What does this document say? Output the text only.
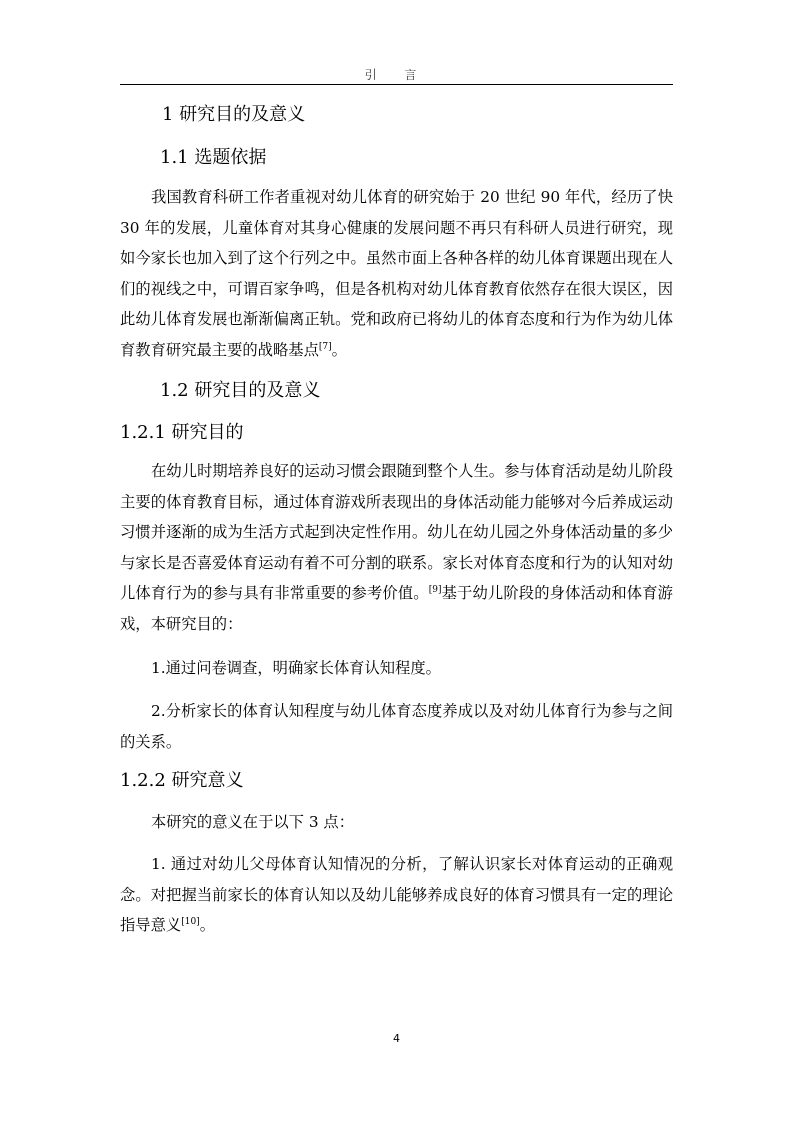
引 言
1 研究目的及意义
1.1 选题依据
我国教育科研工作者重视对幼儿体育的研究始于 20 世纪 90 年代，经历了快 30 年的发展，儿童体育对其身心健康的发展问题不再只有科研人员进行研究，现如今家长也加入到了这个行列之中。虽然市面上各种各样的幼儿体育课题出现在人们的视线之中，可谓百家争鸣，但是各机构对幼儿体育教育依然存在很大误区，因此幼儿体育发展也渐渐偏离正轨。党和政府已将幼儿的体育态度和行为作为幼儿体育教育研究最主要的战略基点[7]。
1.2 研究目的及意义
1.2.1 研究目的
在幼儿时期培养良好的运动习惯会跟随到整个人生。参与体育活动是幼儿阶段主要的体育教育目标，通过体育游戏所表现出的身体活动能力能够对今后养成运动习惯并逐渐的成为生活方式起到决定性作用。幼儿在幼儿园之外身体活动量的多少与家长是否喜爱体育运动有着不可分割的联系。家长对体育态度和行为的认知对幼儿体育行为的参与具有非常重要的参考价值。[9]基于幼儿阶段的身体活动和体育游戏，本研究目的：
1.通过问卷调查，明确家长体育认知程度。
2.分析家长的体育认知程度与幼儿体育态度养成以及对幼儿体育行为参与之间的关系。
1.2.2 研究意义
本研究的意义在于以下 3 点：
1. 通过对幼儿父母体育认知情况的分析，了解认识家长对体育运动的正确观念。对把握当前家长的体育认知以及幼儿能够养成良好的体育习惯具有一定的理论指导意义[10]。
4
